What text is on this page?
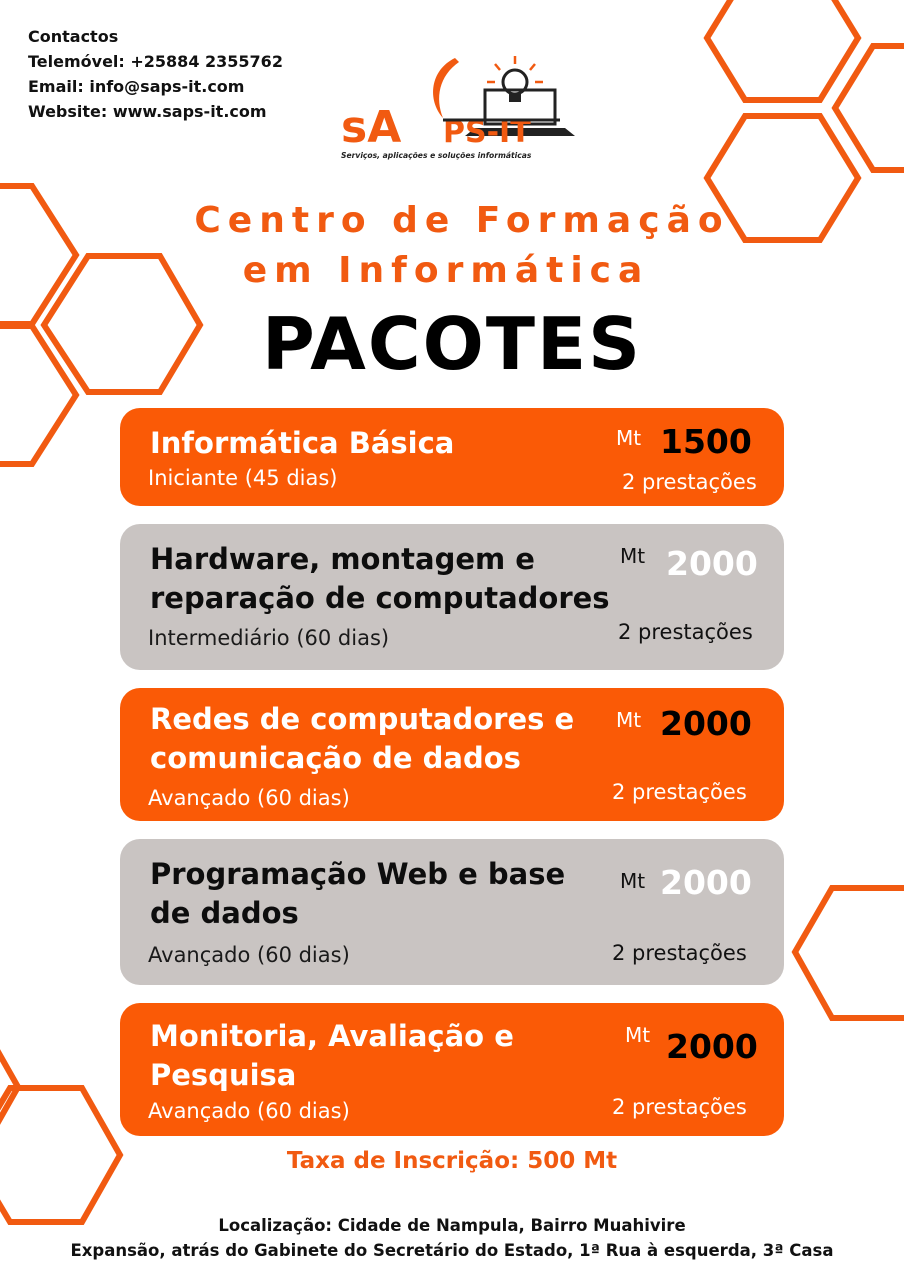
Contactos
Telemóvel: +25884 2355762
Email: info@saps-it.com
Website: www.saps-it.com	sA PS-IT
Serviços, aplicações e soluções informáticas
Centro de Formação
em Informática
PACOTES
Informática Básica
Iniciante (45 dias)
Mt 1500
2 prestações
Hardware, montagem e reparação de computadores
Intermediário (60 dias)
Mt 2000
2 prestações
Redes de computadores e comunicação de dados
Avançado (60 dias)
Mt 2000
2 prestações
Programação Web e base de dados
Avançado (60 dias)
Mt 2000
2 prestações
Monitoria, Avaliação e Pesquisa
Avançado (60 dias)
Mt 2000
2 prestações
Taxa de Inscrição: 500 Mt
Localização: Cidade de Nampula, Bairro Muahivire
Expansão, atrás do Gabinete do Secretário do Estado, 1ª Rua à esquerda, 3ª Casa
